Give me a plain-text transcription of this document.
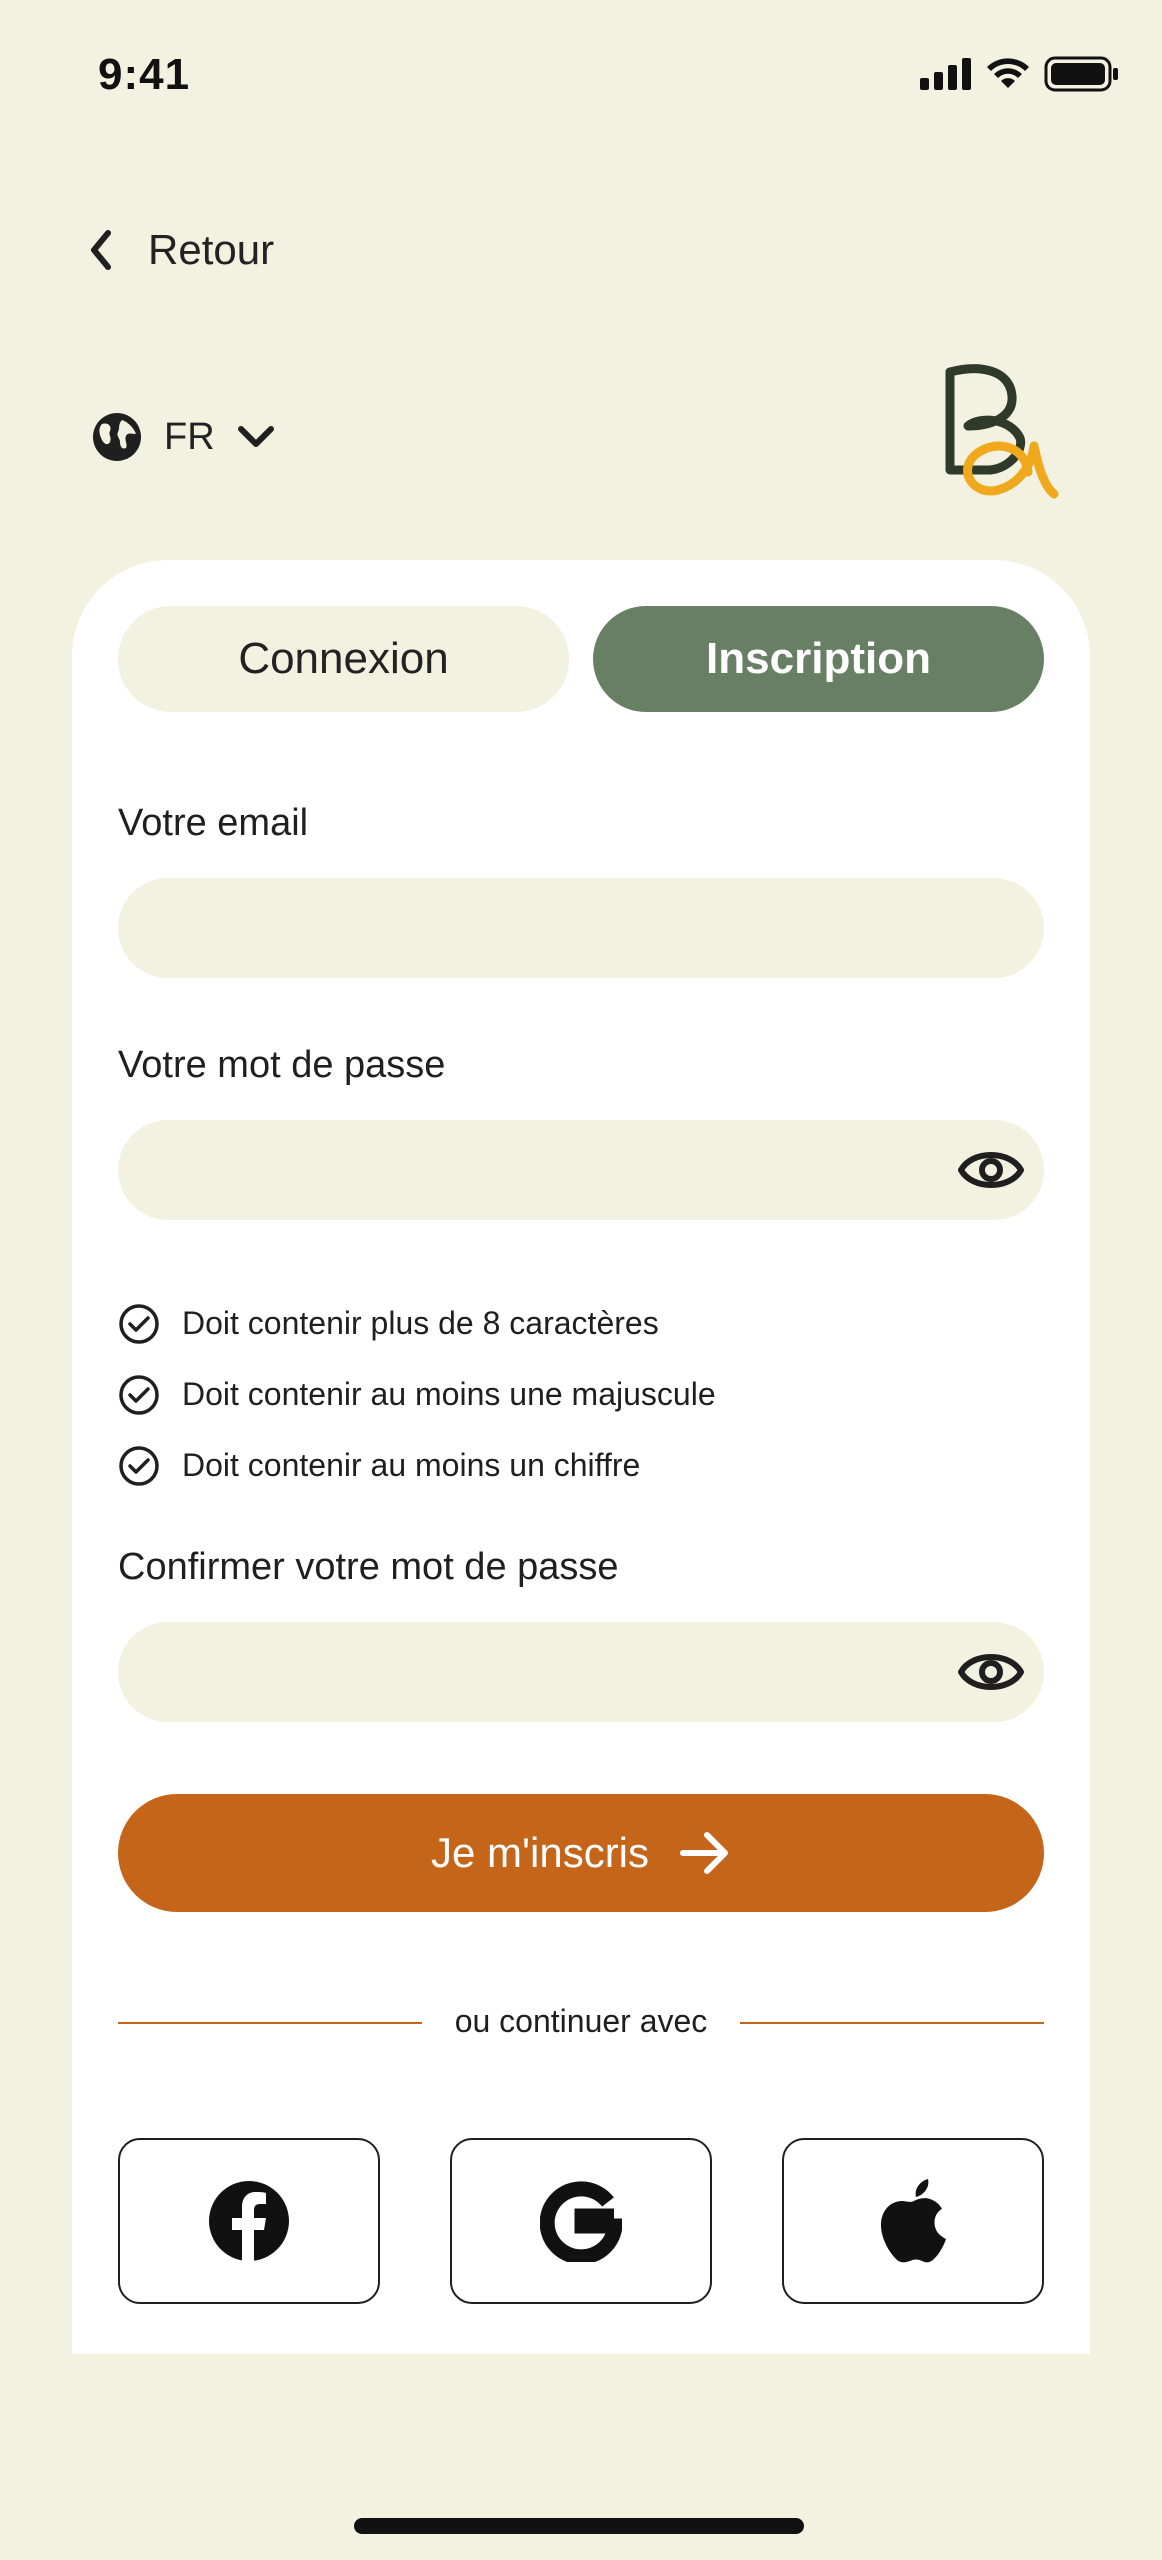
9:41
Retour
FR
Connexion	Inscription
Votre email
Votre mot de passe
Doit contenir plus de 8 caractères
Doit contenir au moins une majuscule
Doit contenir au moins un chiffre
Confirmer votre mot de passe
Je m'inscris
ou continuer avec
